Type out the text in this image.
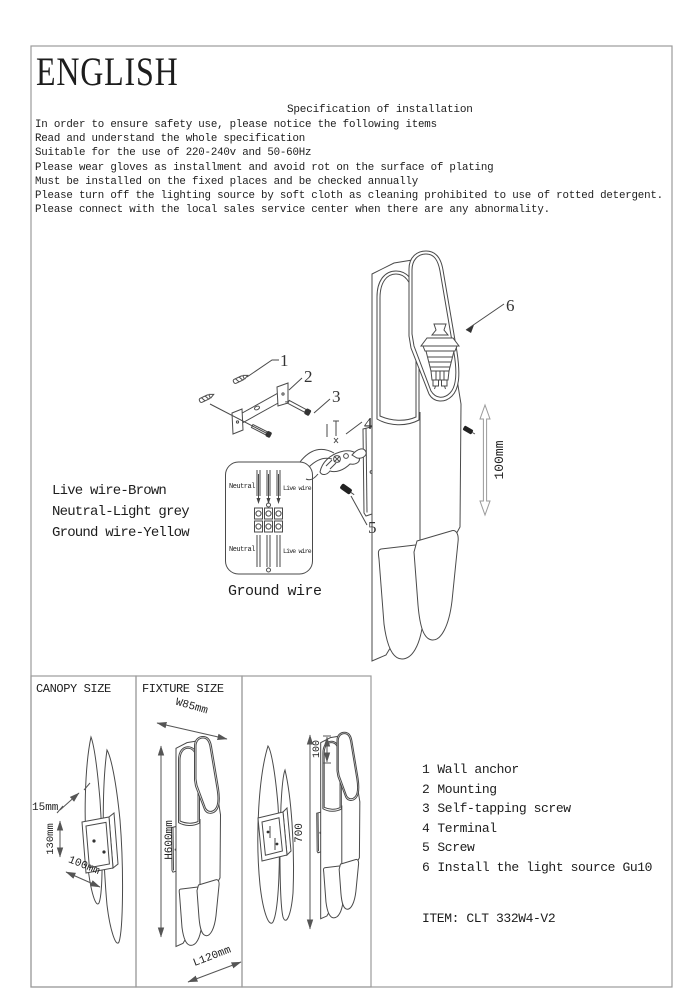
1
2
3
4
5
6
100mm
Neutral	Live wire
Neutral	Live wire
15mm
130mm
100mm
W85mm
H600mm
L120mm
100
700
ENGLISH
Specification of installation
In order to ensure safety use, please notice the following items
Read and understand the whole specification
Suitable for the use of 220-240v and 50-60Hz
Please wear gloves as installment and avoid rot on the surface of plating
Must be installed on the fixed places and be checked annually
Please turn off the lighting source by soft cloth as cleaning prohibited to use of rotted detergent.
Please connect with the local sales service center when there are any abnormality.
Live wire-Brown
Neutral-Light grey
Ground wire-Yellow
Ground wire
CANOPY SIZE	FIXTURE SIZE
1 Wall anchor
2 Mounting
3 Self-tapping screw
4 Terminal
5 Screw
6 Install the light source Gu10
ITEM: CLT 332W4-V2
